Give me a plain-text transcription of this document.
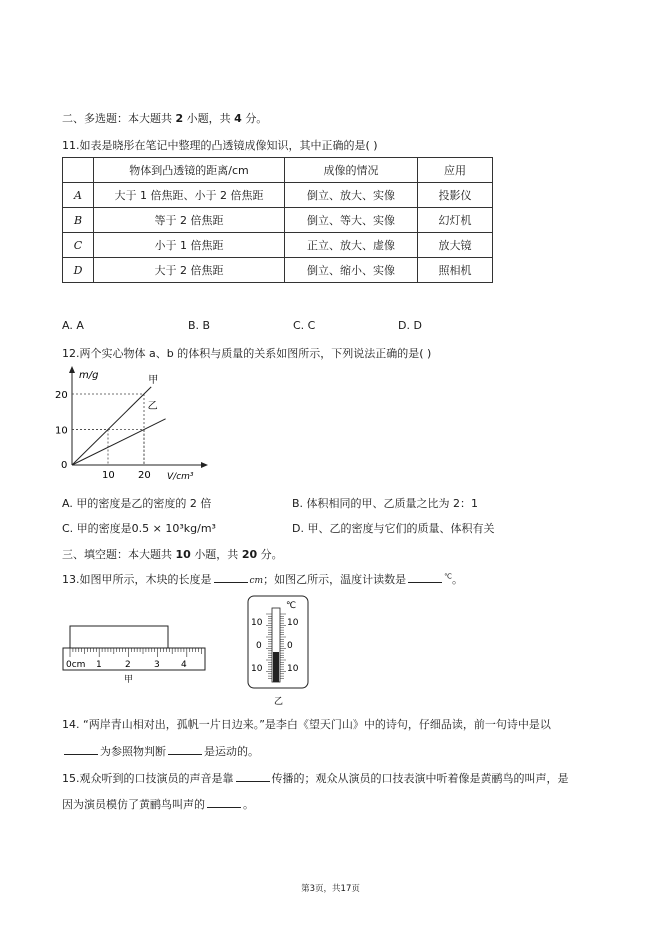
二、多选题：本大题共 2 小题，共 4 分。
11.如表是晓彤在笔记中整理的凸透镜成像知识，其中正确的是( )
	物体到凸透镜的距离/cm	成像的情况	应用
A	大于 1 倍焦距、小于 2 倍焦距	倒立、放大、实像	投影仪
B	等于 2 倍焦距	倒立、等大、实像	幻灯机
C	小于 1 倍焦距	正立、放大、虚像	放大镜
D	大于 2 倍焦距	倒立、缩小、实像	照相机
A. A	B. B	C. C	D. D
12.两个实心物体 a、b 的体积与质量的关系如图所示，下列说法正确的是( )
m/g
V/cm³
0
10 20
10
20
甲
乙
A. 甲的密度是乙的密度的 2 倍	B. 体积相同的甲、乙质量之比为 2：1
C. 甲的密度是0.5 × 10³kg/m³	D. 甲、乙的密度与它们的质量、体积有关
三、填空题：本大题共 10 小题，共 20 分。
13.如图甲所示，木块的长度是	cm；如图乙所示，温度计读数是	℃。
0cm 1	2	3 4
甲
℃
10
0
10
10
0
10
乙
14. “两岸青山相对出，孤帆一片日边来。”是李白《望天门山》中的诗句，仔细品读，前一句诗中是以
为参照物判断	是运动的。
15.观众听到的口技演员的声音是靠	传播的；观众从演员的口技表演中听着像是黄鹂鸟的叫声，是
因为演员模仿了黄鹂鸟叫声的	。
第3页，共17页
